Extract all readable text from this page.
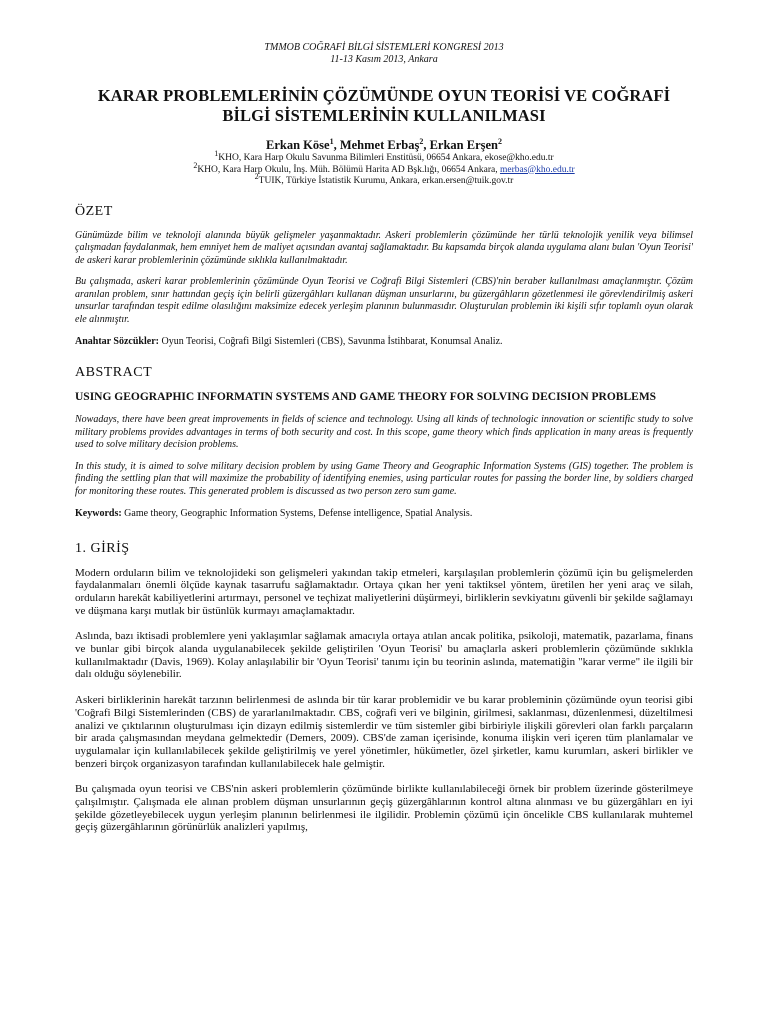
TMMOB COĞRAFİ BİLGİ SİSTEMLERİ KONGRESİ 2013
11-13 Kasım 2013, Ankara
KARAR PROBLEMLERİNİN ÇÖZÜMÜNDE OYUN TEORİSİ VE COĞRAFİ
BİLGİ SİSTEMLERİNİN KULLANILMASI
Erkan Köse$^1$, Mehmet Erbaş$^2$, Erkan Erşen$^2$
$^1$KHO, Kara Harp Okulu Savunma Bilimleri Enstitüsü, 06654 Ankara, ekose@kho.edu.tr
$^2$KHO, Kara Harp Okulu, İnş. Müh. Bölümü Harita AD Bşk.lığı, 06654 Ankara, merbas@kho.edu.tr
$^2$TUIK, Türkiye İstatistik Kurumu, Ankara, erkan.ersen@tuik.gov.tr
ÖZET

Günümüzde bilim ve teknoloji alanında büyük gelişmeler yaşanmaktadır. Askeri problemlerin çözümünde her türlü teknolojik yenilik veya bilimsel çalışmadan faydalanmak, hem emniyet hem de maliyet açısından avantaj sağlamaktadır. Bu kapsamda birçok alanda uygulama alanı bulan 'Oyun Teorisi' de askeri karar problemlerinin çözümünde sıklıkla kullanılmaktadır.

Bu çalışmada, askeri karar problemlerinin çözümünde Oyun Teorisi ve Coğrafi Bilgi Sistemleri (CBS)'nin beraber kullanılması amaçlanmıştır. Çözüm aranılan problem, sınır hattından geçiş için belirli güzergâhları kullanan düşman unsurlarını, bu güzergâhların gözetlenmesi ile görevlendirilmiş askeri unsurlar tarafından tespit edilme olasılığını maksimize edecek yerleşim planının bulunmasıdır. Oluşturulan problemin iki kişili sıfır toplamlı oyun olarak ele alınmıştır.

Anahtar Sözcükler: Oyun Teorisi, Coğrafi Bilgi Sistemleri (CBS), Savunma İstihbarat, Konumsal Analiz.

ABSTRACT
USING GEOGRAPHIC INFORMATIN SYSTEMS AND GAME THEORY FOR SOLVING DECISION PROBLEMS

Nowadays, there have been great improvements in fields of science and technology. Using all kinds of technologic innovation or scientific study to solve military problems provides advantages in terms of both security and cost. In this scope, game theory which finds application in many areas is frequently used to solve military decision problems.

In this study, it is aimed to solve military decision problem by using Game Theory and Geographic Information Systems (GIS) together. The problem is finding the settling plan that will maximize the probability of identifying enemies, using particular routes for passing the border line, by soldiers charged for monitoring these routes. This generated problem is discussed as two person zero sum game.

Keywords: Game theory, Geographic Information Systems, Defense intelligence, Spatial Analysis.

1. GİRİŞ

Modern orduların bilim ve teknolojideki son gelişmeleri yakından takip etmeleri, karşılaşılan problemlerin çözümü için bu gelişmelerden faydalanmaları önemli ölçüde kaynak tasarrufu sağlamaktadır. Ortaya çıkan her yeni taktiksel yöntem, üretilen her yeni araç ve silah, orduların harekât kabiliyetlerini artırmayı, personel ve teçhizat maliyetlerini düşürmeyi, birliklerin sevkiyatını güvenli bir şekilde sağlamayı ve düşmana karşı mutlak bir üstünlük kurmayı amaçlamaktadır.

Aslında, bazı iktisadi problemlere yeni yaklaşımlar sağlamak amacıyla ortaya atılan ancak politika, psikoloji, matematik, pazarlama, finans ve bunlar gibi birçok alanda uygulanabilecek şekilde geliştirilen 'Oyun Teorisi' bu amaçlarla askeri problemlerin çözümünde sıklıkla kullanılmaktadır (Davis, 1969). Kolay anlaşılabilir bir 'Oyun Teorisi' tanımı için bu teorinin aslında, matematiğin "karar verme" ile ilgili bir dalı olduğu söylenebilir.

Askeri birliklerinin harekât tarzının belirlenmesi de aslında bir tür karar problemidir ve bu karar probleminin çözümünde oyun teorisi gibi 'Coğrafi Bilgi Sistemlerinden (CBS) de yararlanılmaktadır. CBS, coğrafi veri ve bilginin, girilmesi, saklanması, düzenlenmesi, düzeltilmesi analizi ve çıktılarının oluşturulması için dizayn edilmiş sistemlerdir ve tüm sistemler gibi birbiriyle ilişkili görevleri olan farklı parçaların bir arada çalışmasından meydana gelmektedir (Demers, 2009). CBS'de zaman içerisinde, konuma ilişkin veri içeren tüm planlamalar ve uygulamalar için kullanılabilecek şekilde geliştirilmiş ve yerel yönetimler, hükümetler, özel şirketler, kamu kurumları, askeri birlikler ve benzeri birçok organizasyon tarafından kullanılabilecek hale gelmiştir.

Bu çalışmada oyun teorisi ve CBS'nin askeri problemlerin çözümünde birlikte kullanılabileceği örnek bir problem üzerinde gösterilmeye çalışılmıştır. Çalışmada ele alınan problem düşman unsurlarının geçiş güzergâhlarının kontrol altına alınması ve bu güzergâhları en iyi şekilde gözetleyebilecek uygun yerleşim planının belirlenmesi ile ilgilidir. Problemin çözümü için öncelikle CBS kullanılarak muhtemel geçiş güzergâhlarının görünürlük analizleri yapılmış,
